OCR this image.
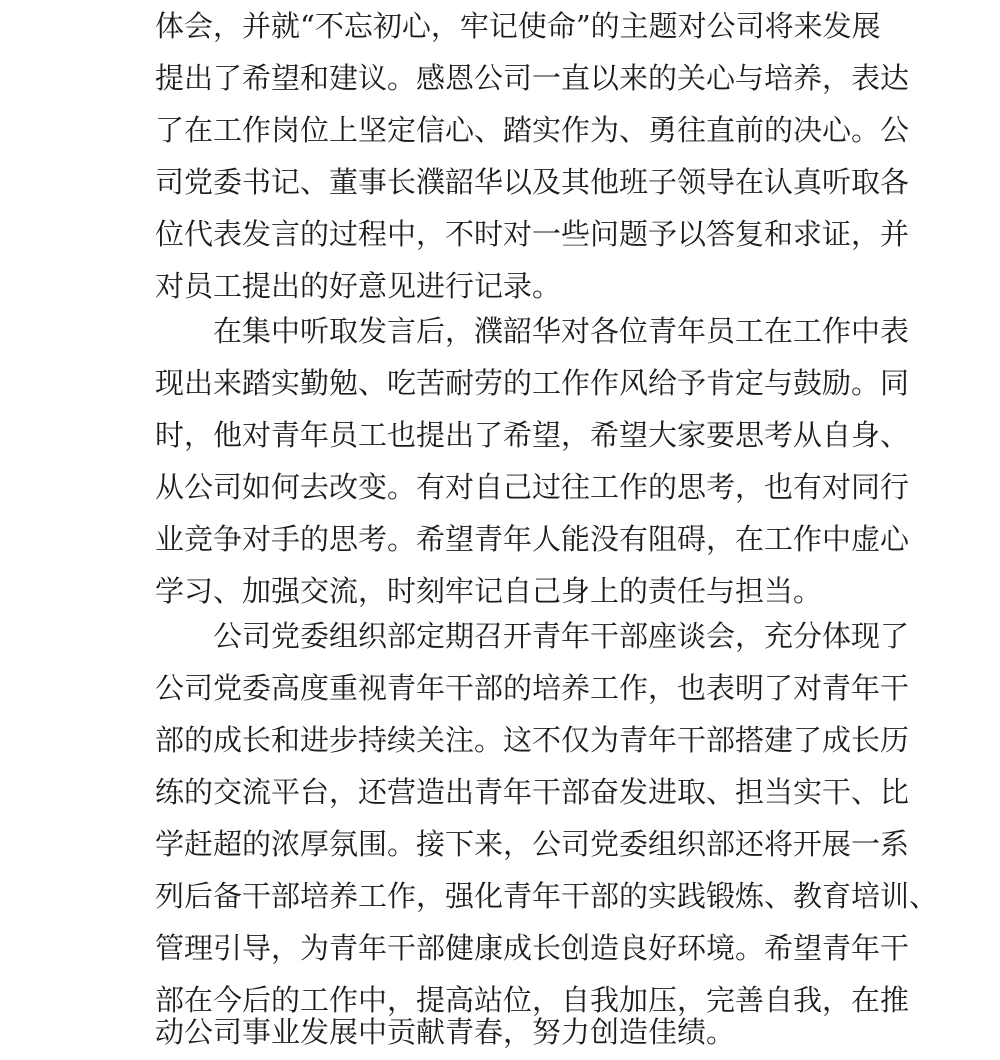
体会，并就“不忘初心，牢记使命”的主题对公司将来发展
提出了希望和建议。感恩公司一直以来的关心与培养，表达
了在工作岗位上坚定信心、踏实作为、勇往直前的决心。公
司党委书记、董事长濮韶华以及其他班子领导在认真听取各
位代表发言的过程中，不时对一些问题予以答复和求证，并
对员工提出的好意见进行记录。
在集中听取发言后，濮韶华对各位青年员工在工作中表
现出来踏实勤勉、吃苦耐劳的工作作风给予肯定与鼓励。同
时，他对青年员工也提出了希望，希望大家要思考从自身、
从公司如何去改变。有对自己过往工作的思考，也有对同行
业竞争对手的思考。希望青年人能没有阻碍，在工作中虚心
学习、加强交流，时刻牢记自己身上的责任与担当。
公司党委组织部定期召开青年干部座谈会，充分体现了
公司党委高度重视青年干部的培养工作，也表明了对青年干
部的成长和进步持续关注。这不仅为青年干部搭建了成长历
练的交流平台，还营造出青年干部奋发进取、担当实干、比
学赶超的浓厚氛围。接下来，公司党委组织部还将开展一系
列后备干部培养工作，强化青年干部的实践锻炼、教育培训、
管理引导，为青年干部健康成长创造良好环境。希望青年干
部在今后的工作中，提高站位，自我加压，完善自我，在推
动公司事业发展中贡献青春，努力创造佳绩。
